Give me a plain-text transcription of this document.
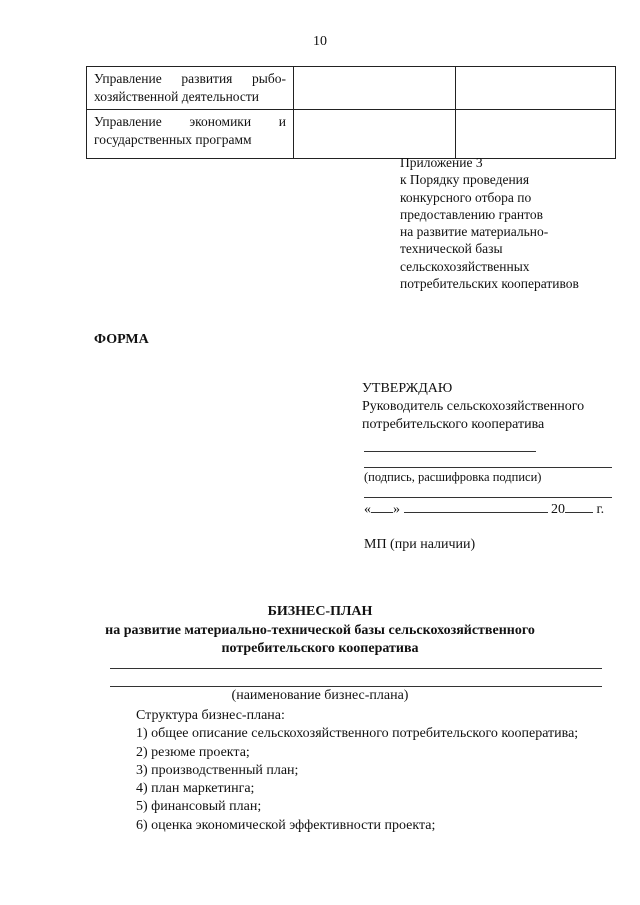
10
Управление развития рыбо-хозяйственной деятельности		
Управление экономики и государственных программ		
Приложение 3
к Порядку проведения
конкурсного отбора по
предоставлению грантов
на развитие материально-
технической базы
сельскохозяйственных
потребительских кооперативов
ФОРМА
УТВЕРЖДАЮ
Руководитель сельскохозяйственного
потребительского кооператива
(подпись, расшифровка подписи)
« »	20 г.
МП (при наличии)
БИЗНЕС-ПЛАН
на развитие материально-технической базы сельскохозяйственного
потребительского кооператива
(наименование бизнес-плана)
Структура бизнес-плана:
1) общее описание сельскохозяйственного потребительского кооператива;
2) резюме проекта;
3) производственный план;
4) план маркетинга;
5) финансовый план;
6) оценка экономической эффективности проекта;
